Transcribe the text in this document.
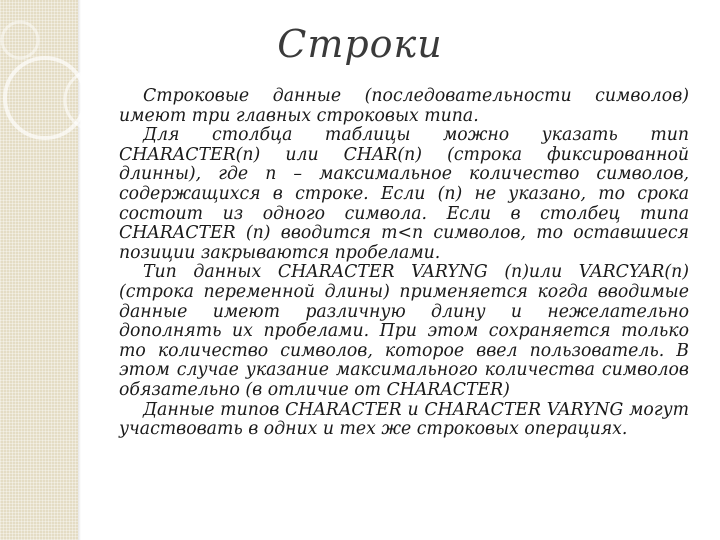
Строки

Строковые данные (последовательности символов) имеют три главных строковых типа.

Для столбца таблицы можно указать тип CHARACTER(n) или CHAR(n) (строка фиксированной длинны), где n – максимальное количество символов, содержащихся в строке. Если (n) не указано, то срока состоит из одного символа. Если в столбец типа CHARACTER (n) вводится m<n символов, то оставшиеся позиции закрываются пробелами.

Тип данных CHARACTER VARYNG (n)или VARCYAR(n) (строка переменной длины) применяется когда вводимые данные имеют различную длину и нежелательно дополнять их пробелами. При этом сохраняется только то количество символов, которое ввел пользователь. В этом случае указание максимального количества символов обязательно (в отличие от CHARACTER)

Данные типов CHARACTER и CHARACTER VARYNG могут участвовать в одних и тех же строковых операциях.
